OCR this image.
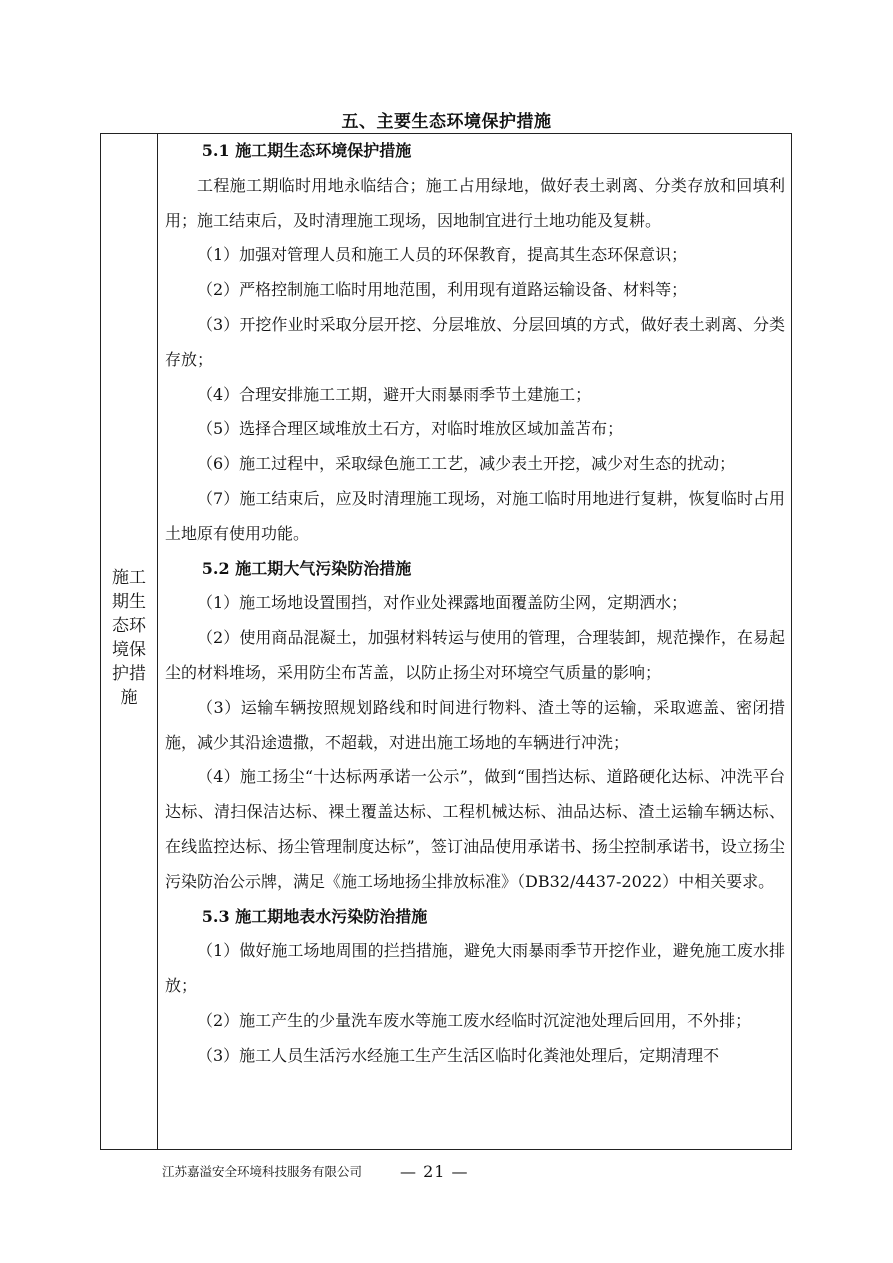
五、主要生态环境保护措施
施工
期生
态环
境保
护措
施

5.1 施工期生态环境保护措施

工程施工期临时用地永临结合；施工占用绿地，做好表土剥离、分类存放和回填利用；施工结束后，及时清理施工现场，因地制宜进行土地功能及复耕。

（1）加强对管理人员和施工人员的环保教育，提高其生态环保意识；

（2）严格控制施工临时用地范围，利用现有道路运输设备、材料等；

（3）开挖作业时采取分层开挖、分层堆放、分层回填的方式，做好表土剥离、分类存放；

（4）合理安排施工工期，避开大雨暴雨季节土建施工；

（5）选择合理区域堆放土石方，对临时堆放区域加盖苫布；

（6）施工过程中，采取绿色施工工艺，减少表土开挖，减少对生态的扰动；

（7）施工结束后，应及时清理施工现场，对施工临时用地进行复耕，恢复临时占用土地原有使用功能。

5.2 施工期大气污染防治措施

（1）施工场地设置围挡，对作业处裸露地面覆盖防尘网，定期洒水；

（2）使用商品混凝土，加强材料转运与使用的管理，合理装卸，规范操作，在易起尘的材料堆场，采用防尘布苫盖，以防止扬尘对环境空气质量的影响；

（3）运输车辆按照规划路线和时间进行物料、渣土等的运输，采取遮盖、密闭措施，减少其沿途遗撒，不超载，对进出施工场地的车辆进行冲洗；

（4）施工扬尘“十达标两承诺一公示”，做到“围挡达标、道路硬化达标、冲洗平台达标、清扫保洁达标、裸土覆盖达标、工程机械达标、油品达标、渣土运输车辆达标、在线监控达标、扬尘管理制度达标”，签订油品使用承诺书、扬尘控制承诺书，设立扬尘污染防治公示牌，满足《施工场地扬尘排放标准》（DB32/4437-2022）中相关要求。

5.3 施工期地表水污染防治措施

（1）做好施工场地周围的拦挡措施，避免大雨暴雨季节开挖作业，避免施工废水排放；

（2）施工产生的少量洗车废水等施工废水经临时沉淀池处理后回用，不外排；

（3）施工人员生活污水经施工生产生活区临时化粪池处理后，定期清理不

江苏嘉溢安全环境科技服务有限公司 — 21 —
